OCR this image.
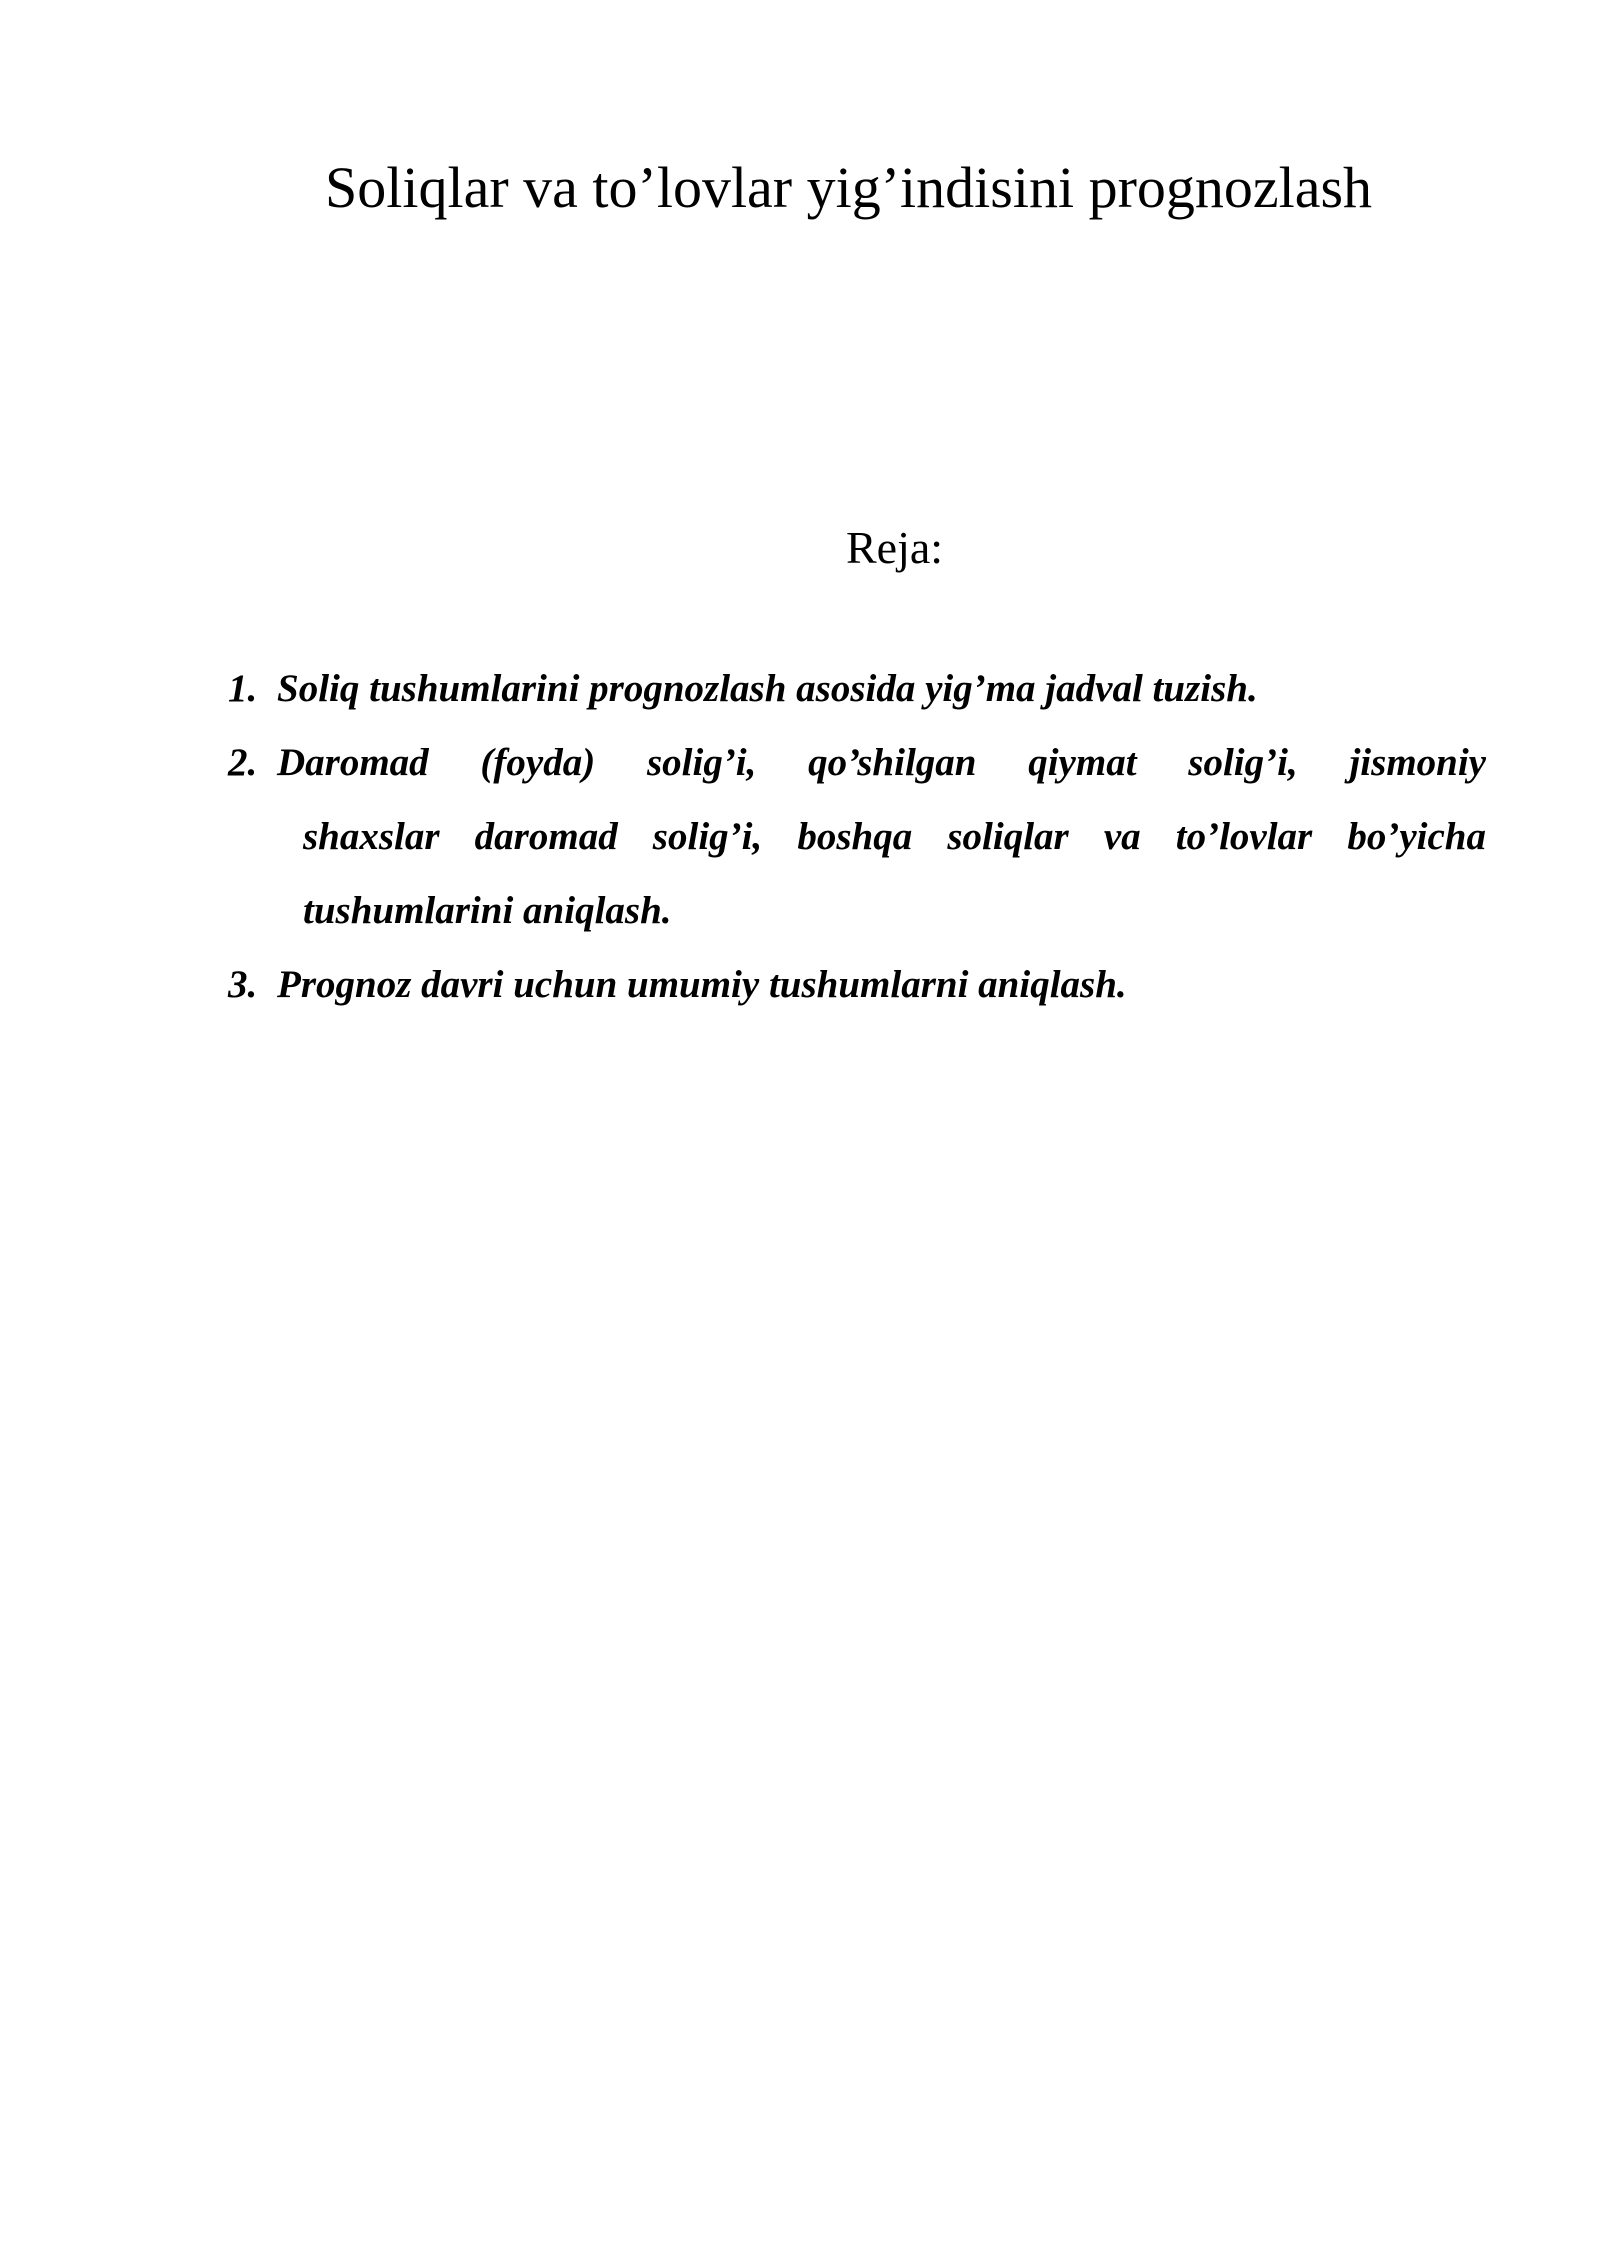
Soliqlar va to’lovlar yig’indisini prognozlash
Reja:
1. Soliq tushumlarini prognozlash asosida yig’ma jadval tuzish.
2. Daromad (foyda) solig’i, qo’shilgan qiymat solig’i, jismoniy
shaxslar daromad solig’i, boshqa soliqlar va to’lovlar bo’yicha
tushumlarini aniqlash.
3. Prognoz davri uchun umumiy tushumlarni aniqlash.
